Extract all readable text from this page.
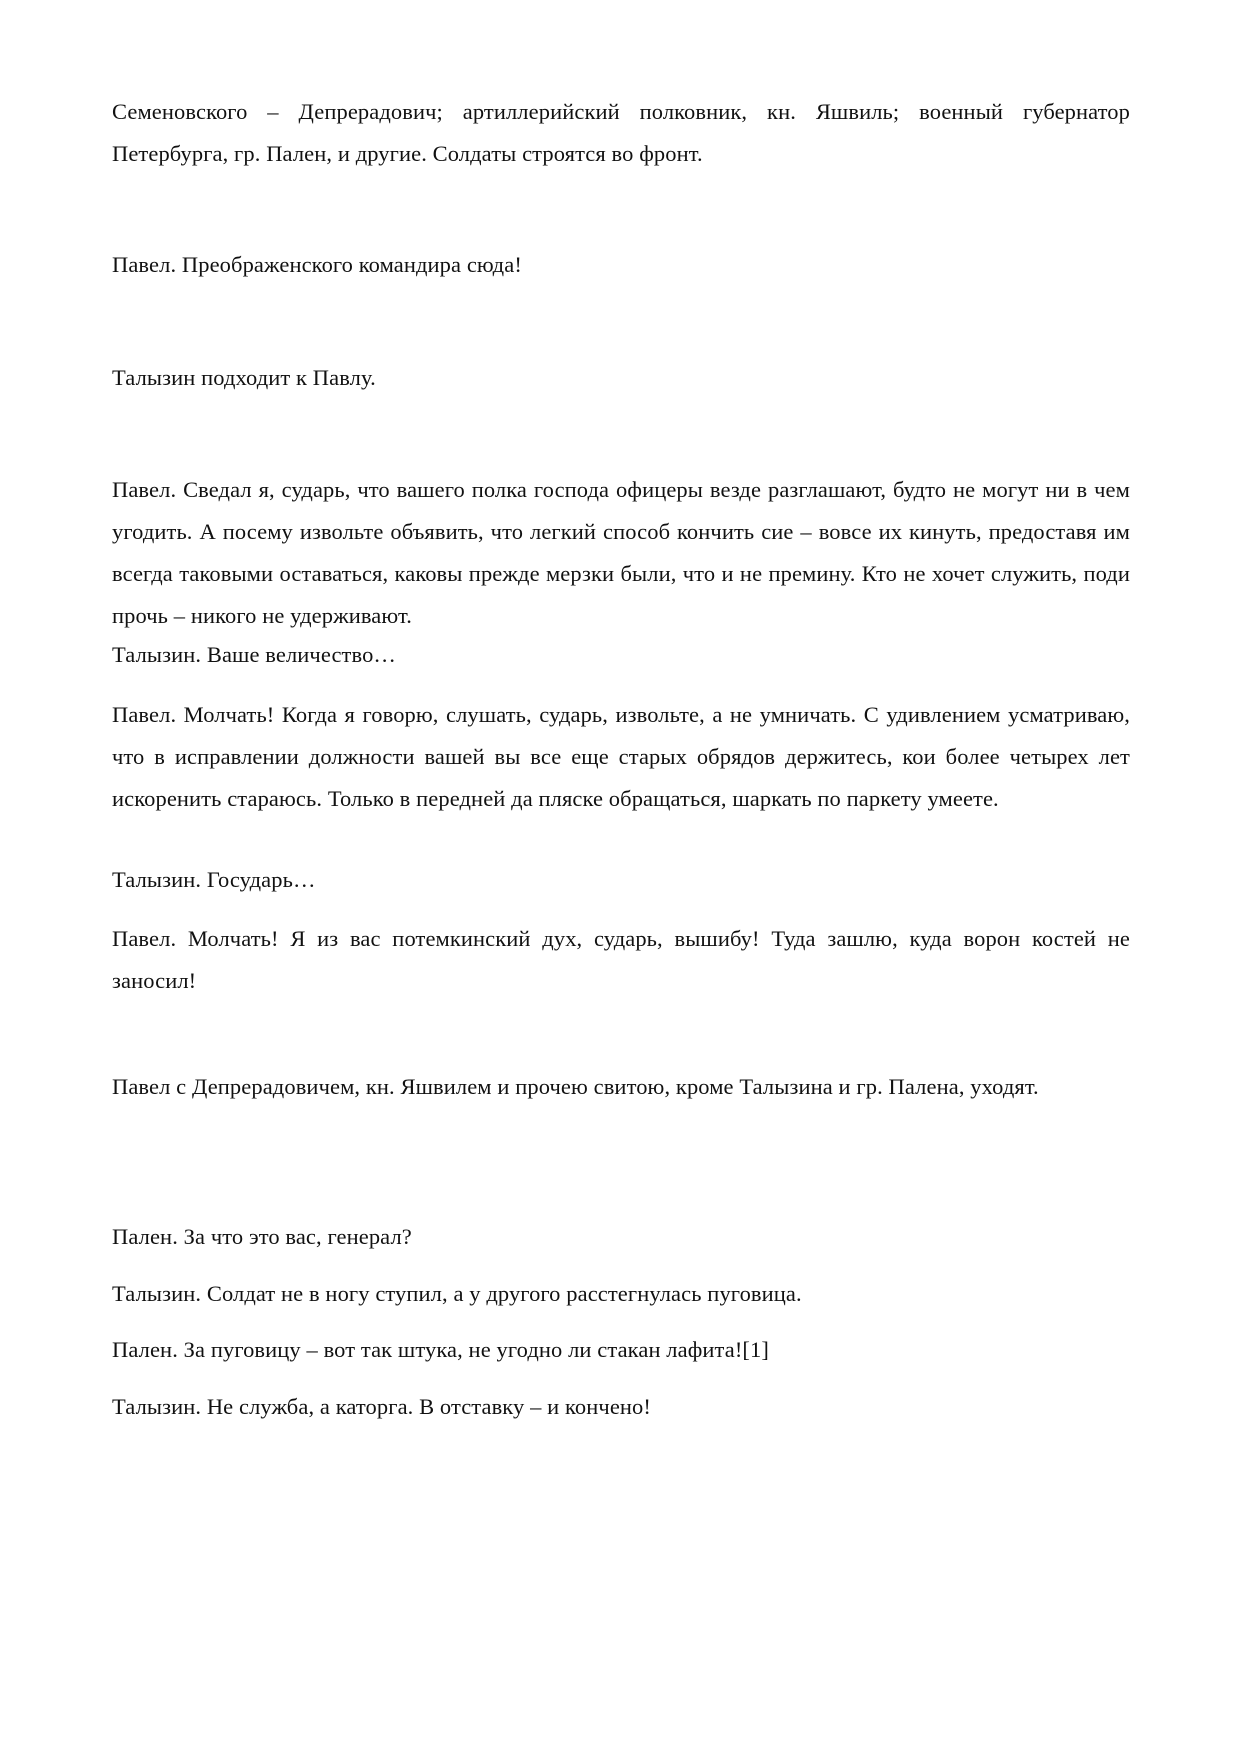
Семеновского – Депрерадович; артиллерийский полковник, кн. Яшвиль; военный губернатор Петербурга, гр. Пален, и другие. Солдаты строятся во фронт.

Павел. Преображенского командира сюда!

Талызин подходит к Павлу.

Павел. Сведал я, сударь, что вашего полка господа офицеры везде разглашают, будто не могут ни в чем угодить. А посему извольте объявить, что легкий способ кончить сие – вовсе их кинуть, предоставя им всегда таковыми оставаться, каковы прежде мерзки были, что и не премину. Кто не хочет служить, поди прочь – никого не удерживают.

Талызин. Ваше величество…

Павел. Молчать! Когда я говорю, слушать, сударь, извольте, а не умничать. С удивлением усматриваю, что в исправлении должности вашей вы все еще старых обрядов держитесь, кои более четырех лет искоренить стараюсь. Только в передней да пляске обращаться, шаркать по паркету умеете.

Талызин. Государь…

Павел. Молчать! Я из вас потемкинский дух, сударь, вышибу! Туда зашлю, куда ворон костей не заносил!

Павел с Депрерадовичем, кн. Яшвилем и прочею свитою, кроме Талызина и гр. Палена, уходят.

Пален. За что это вас, генерал?

Талызин. Солдат не в ногу ступил, а у другого расстегнулась пуговица.

Пален. За пуговицу – вот так штука, не угодно ли стакан лафита![1]

Талызин. Не служба, а каторга. В отставку – и кончено!
